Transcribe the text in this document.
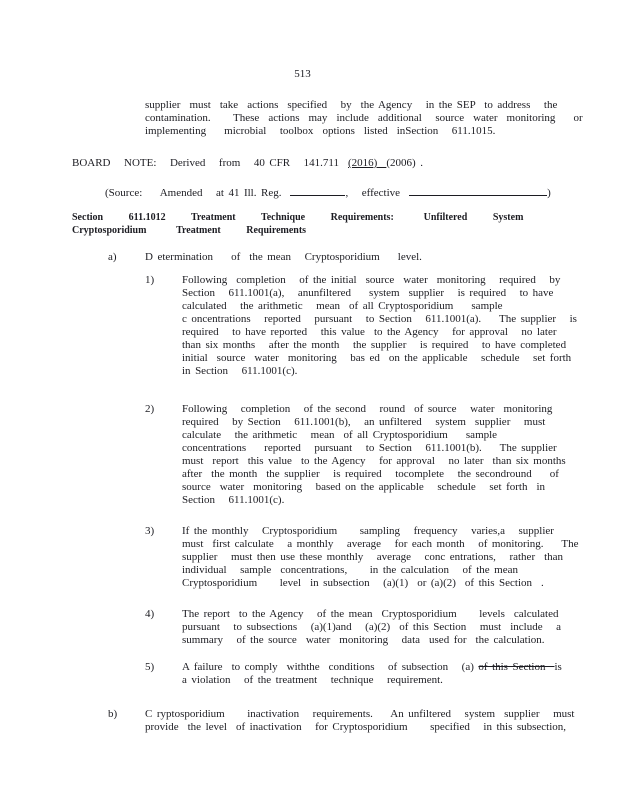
513
supplier  must  take  actions  specified   by  the Agency   in the SEP  to address   the
contamination.     These  actions  may  include  additional   source  water  monitoring    or
implementing    microbial   toolbox  options  listed  inSection   611.1015.
BOARD   NOTE:   Derived   from   40 CFR   141.711  (2016)  (2006) .
(Source:    Amended   at 41 Ill. Reg.	,   effective	)
Section      611.1012      Treatment      Technique      Requirements:       Unfiltered      System
Cryptosporidium       Treatment      Requirements
a)	D etermination    of  the mean   Cryptosporidium    level.
1)	Following  completion   of the initial  source  water  monitoring   required   by
Section   611.1001(a),   anunfiltered    system  supplier   is required   to have
calculated   the arithmetic   mean  of all Cryptosporidium    sample
c oncentrations   reported   pursuant   to Section   611.1001(a).    The supplier   is
required   to have reported   this value  to the Agency   for approval   no later
than six months   after the month   the supplier   is required   to have completed
initial  source  water  monitoring   bas ed  on the applicable   schedule   set forth
in Section   611.1001(c).
2)	Following   completion   of the second   round  of source   water  monitoring
required   by Section   611.1001(b),   an unfiltered   system  supplier   must
calculate   the arithmetic   mean  of all Cryptosporidium    sample
concentrations    reported   pursuant   to Section   611.1001(b).    The supplier
must  report  this value  to the Agency   for approval   no later  than six months
after  the month  the supplier   is required   tocomplete   the secondround    of
source  water  monitoring   based on the applicable   schedule   set forth  in
Section   611.1001(c).
3)	If the monthly   Cryptosporidium     sampling   frequency   varies,a   supplier
must  first calculate   a monthly   average   for each month   of monitoring.    The
supplier   must then use these monthly   average   conc entrations,   rather  than
individual   sample  concentrations,     in the calculation   of the mean
Cryptosporidium     level  in subsection   (a)(1)  or (a)(2)  of this Section  .
4)	The report  to the Agency   of the mean  Cryptosporidium     levels  calculated
pursuant   to subsections   (a)(1)and   (a)(2)  of this Section   must  include   a
summary   of the source  water  monitoring   data  used for  the calculation.
5)	A failure  to comply  withthe  conditions   of subsection   (a) of this Section  is
a violation   of the treatment   technique   requirement.
b)	C ryptosporidium     inactivation   requirements.    An unfiltered   system  supplier   must
provide  the level  of inactivation   for Cryptosporidium     specified   in this subsection,
